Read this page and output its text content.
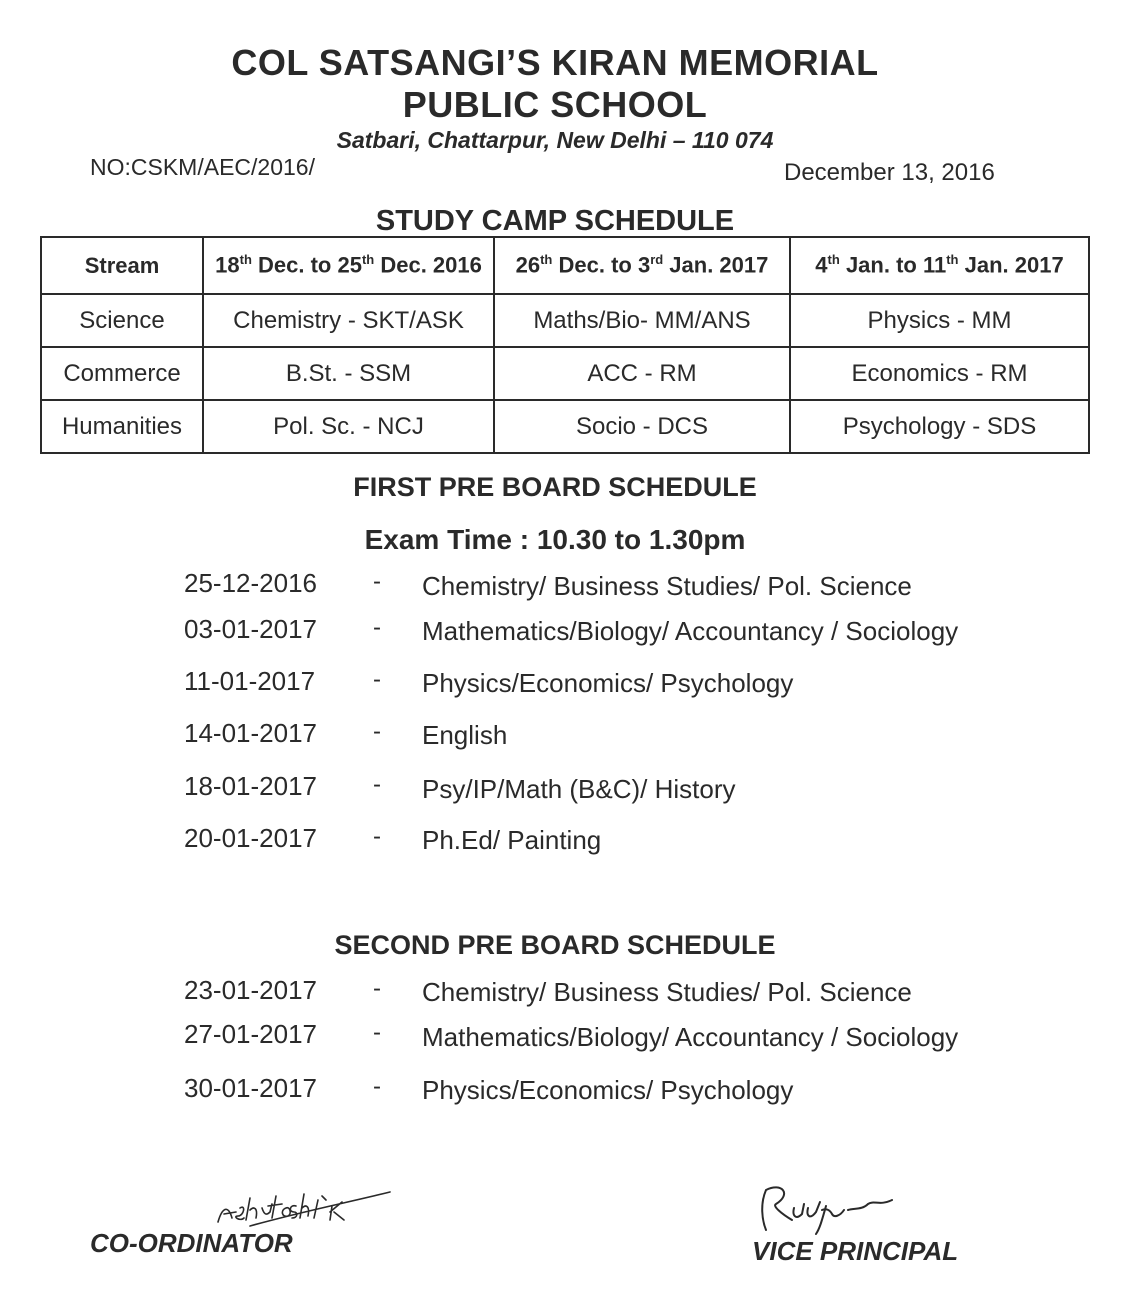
COL SATSANGI’S KIRAN MEMORIAL
PUBLIC SCHOOL
Satbari, Chattarpur, New Delhi – 110 074
NO:CSKM/AEC/2016/	December 13, 2016
STUDY CAMP SCHEDULE
Stream	18th Dec. to 25th Dec. 2016	26th Dec. to 3rd Jan. 2017	4th Jan. to 11th Jan. 2017
Science	Chemistry - SKT/ASK	Maths/Bio- MM/ANS	Physics - MM
Commerce	B.St. - SSM	ACC - RM	Economics - RM
Humanities	Pol. Sc. - NCJ	Socio - DCS	Psychology - SDS
FIRST PRE BOARD SCHEDULE
Exam Time : 10.30 to 1.30pm
25-12-2016 - Chemistry/ Business Studies/ Pol. Science
03-01-2017 - Mathematics/Biology/ Accountancy / Sociology
11-01-2017 - Physics/Economics/ Psychology
14-01-2017 - English
18-01-2017 - Psy/IP/Math (B&C)/ History
20-01-2017 - Ph.Ed/ Painting
SECOND PRE BOARD SCHEDULE
23-01-2017 - Chemistry/ Business Studies/ Pol. Science
27-01-2017 - Mathematics/Biology/ Accountancy / Sociology
30-01-2017 - Physics/Economics/ Psychology
CO-ORDINATOR	VICE PRINCIPAL
